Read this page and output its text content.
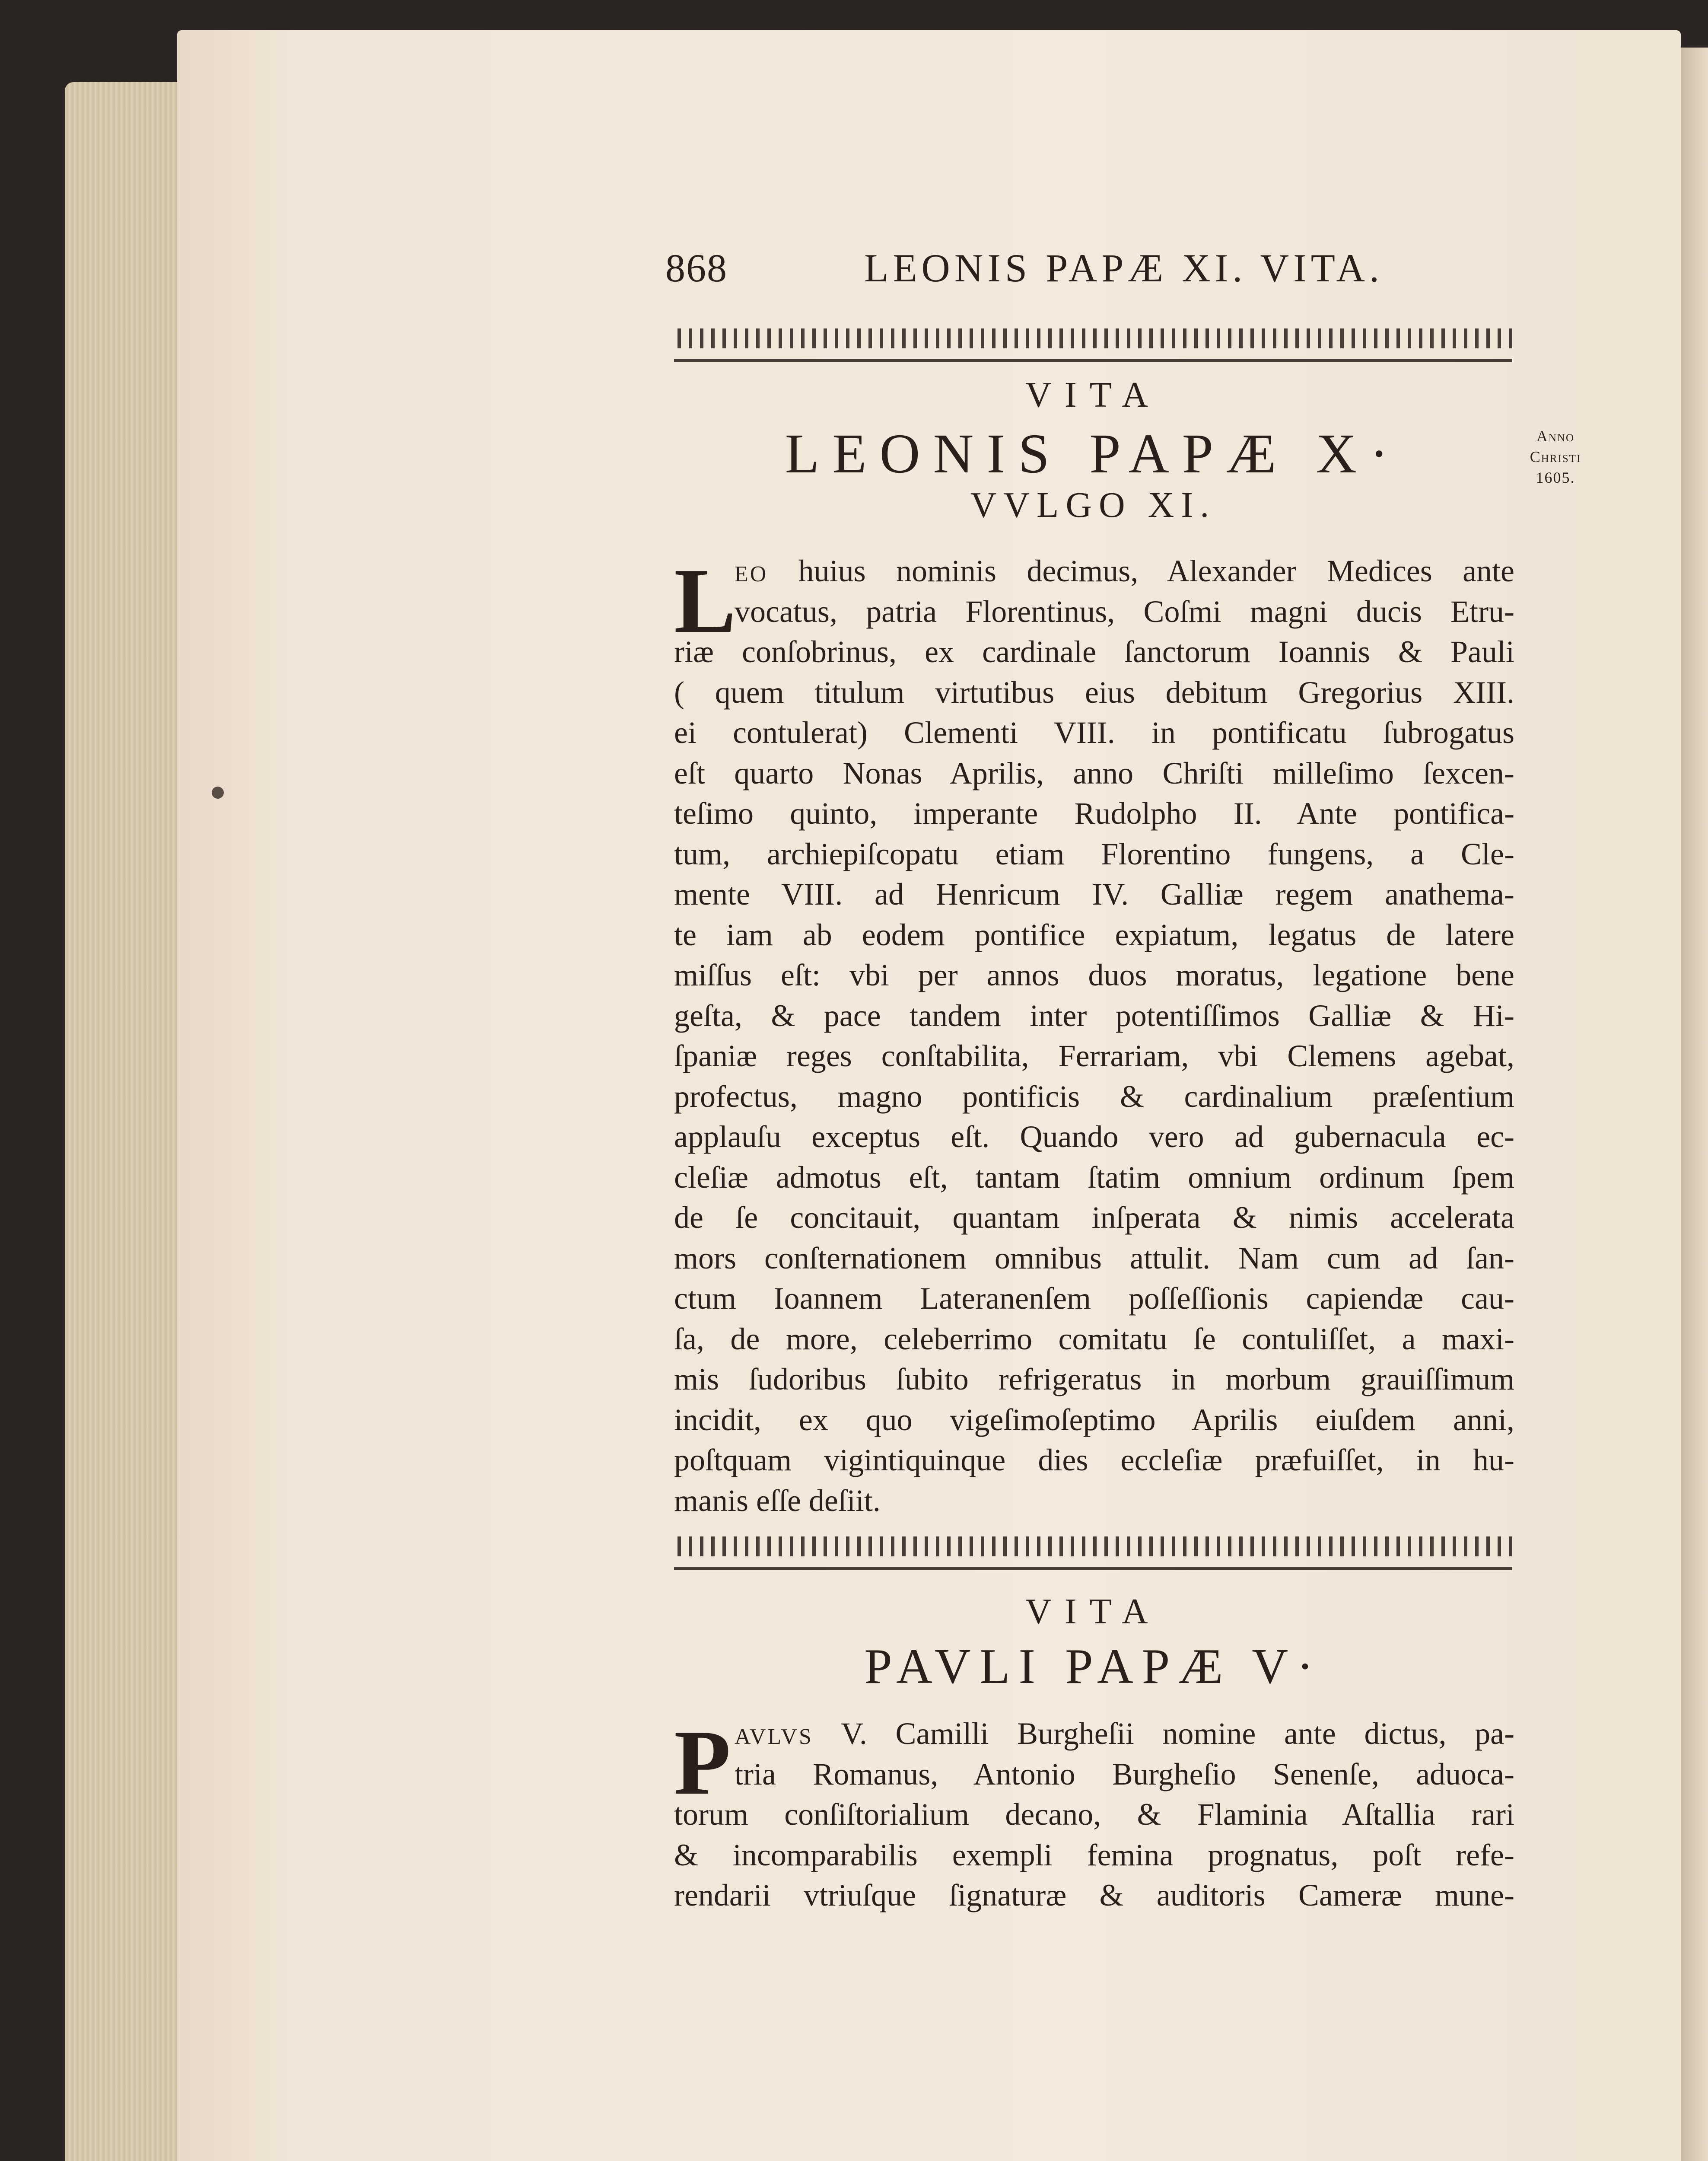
868	LEONIS PAPÆ XI. VITA.
VITA
LEONIS PAPÆ X·
VVLGO XI.
Anno
Christi
1605.
L
EO huius nominis decimus, Alexander Medices ante
vocatus, patria Florentinus, Coſmi magni ducis Etru-
riæ conſobrinus, ex cardinale ſanctorum Ioannis & Pauli
( quem titulum virtutibus eius debitum Gregorius XIII.
ei contulerat) Clementi VIII. in pontificatu ſubrogatus
eſt quarto Nonas Aprilis, anno Chriſti milleſimo ſexcen-
teſimo quinto, imperante Rudolpho II. Ante pontifica-
tum, archiepiſcopatu etiam Florentino fungens, a Cle-
mente VIII. ad Henricum IV. Galliæ regem anathema-
te iam ab eodem pontifice expiatum, legatus de latere
miſſus eſt: vbi per annos duos moratus, legatione bene
geſta, & pace tandem inter potentiſſimos Galliæ & Hi-
ſpaniæ reges conſtabilita, Ferrariam, vbi Clemens agebat,
profectus, magno pontificis & cardinalium præſentium
applauſu exceptus eſt. Quando vero ad gubernacula ec-
cleſiæ admotus eſt, tantam ſtatim omnium ordinum ſpem
de ſe concitauit, quantam inſperata & nimis accelerata
mors conſternationem omnibus attulit. Nam cum ad ſan-
ctum Ioannem Lateranenſem poſſeſſionis capiendæ cau-
ſa, de more, celeberrimo comitatu ſe contuliſſet, a maxi-
mis ſudoribus ſubito refrigeratus in morbum grauiſſimum
incidit, ex quo vigeſimoſeptimo Aprilis eiuſdem anni,
poſtquam vigintiquinque dies eccleſiæ præfuiſſet, in hu-
manis eſſe deſiit.
VITA
PAVLI PAPÆ V·
P AVLVS V. Camilli Burgheſii nomine ante dictus, pa-
tria Romanus, Antonio Burgheſio Senenſe, aduoca-
torum conſiſtorialium decano, & Flaminia Aſtallia rari
& incomparabilis exempli femina prognatus, poſt refe-
rendarii vtriuſque ſignaturæ & auditoris Cameræ mune-
